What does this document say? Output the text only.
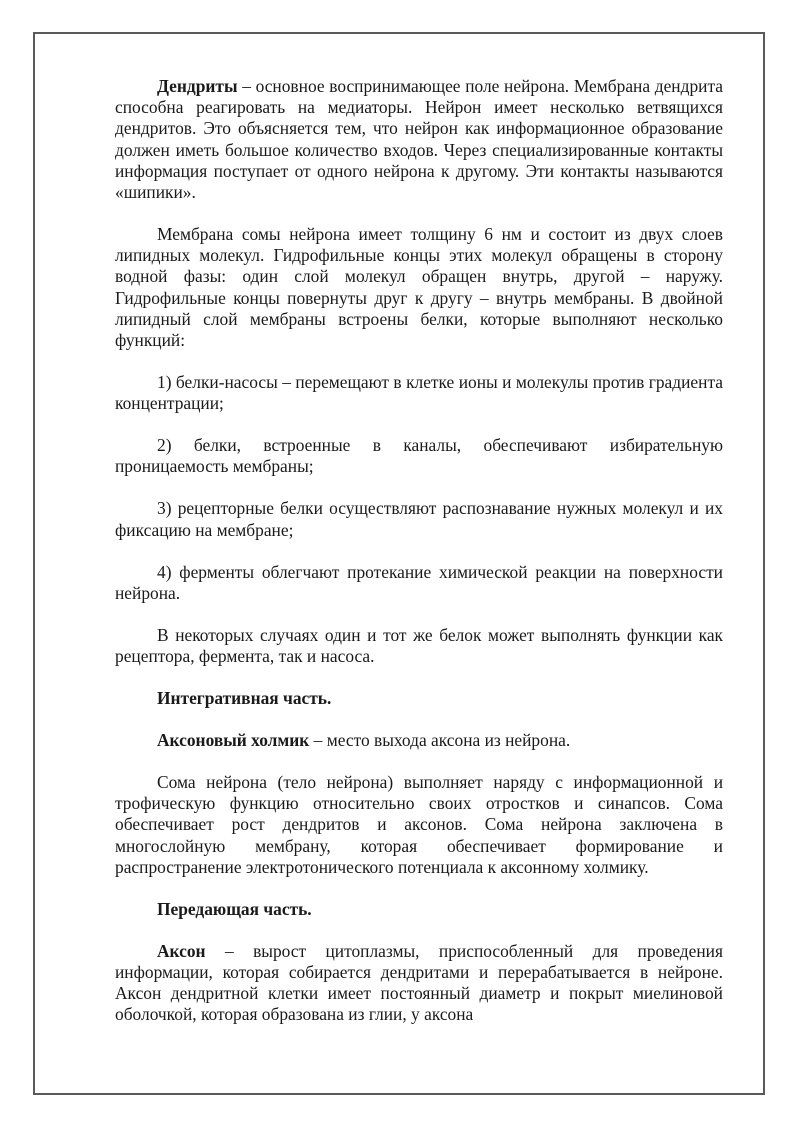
Дендриты – основное воспринимающее поле нейрона. Мембрана дендрита способна реагировать на медиаторы. Нейрон имеет несколько ветвящихся дендритов. Это объясняется тем, что нейрон как информационное образование должен иметь большое количество входов. Через специализированные контакты информация поступает от одного нейрона к другому. Эти контакты называются «шипики».

Мембрана сомы нейрона имеет толщину 6 нм и состоит из двух слоев липидных молекул. Гидрофильные концы этих молекул обращены в сторону водной фазы: один слой молекул обращен внутрь, другой – наружу. Гидрофильные концы повернуты друг к другу – внутрь мембраны. В двойной липидный слой мембраны встроены белки, которые выполняют несколько функций:

1) белки-насосы – перемещают в клетке ионы и молекулы против градиента концентрации;

2) белки, встроенные в каналы, обеспечивают избирательную проницаемость мембраны;

3) рецепторные белки осуществляют распознавание нужных молекул и их фиксацию на мембране;

4) ферменты облегчают протекание химической реакции на поверхности нейрона.

В некоторых случаях один и тот же белок может выполнять функции как рецептора, фермента, так и насоса.

Интегративная часть.

Аксоновый холмик – место выхода аксона из нейрона.

Сома нейрона (тело нейрона) выполняет наряду с информационной и трофическую функцию относительно своих отростков и синапсов. Сома обеспечивает рост дендритов и аксонов. Сома нейрона заключена в многослойную мембрану, которая обеспечивает формирование и распространение электротонического потенциала к аксонному холмику.

Передающая часть.

Аксон – вырост цитоплазмы, приспособленный для проведения информации, которая собирается дендритами и перерабатывается в нейроне. Аксон дендритной клетки имеет постоянный диаметр и покрыт миелиновой оболочкой, которая образована из глии, у аксона
